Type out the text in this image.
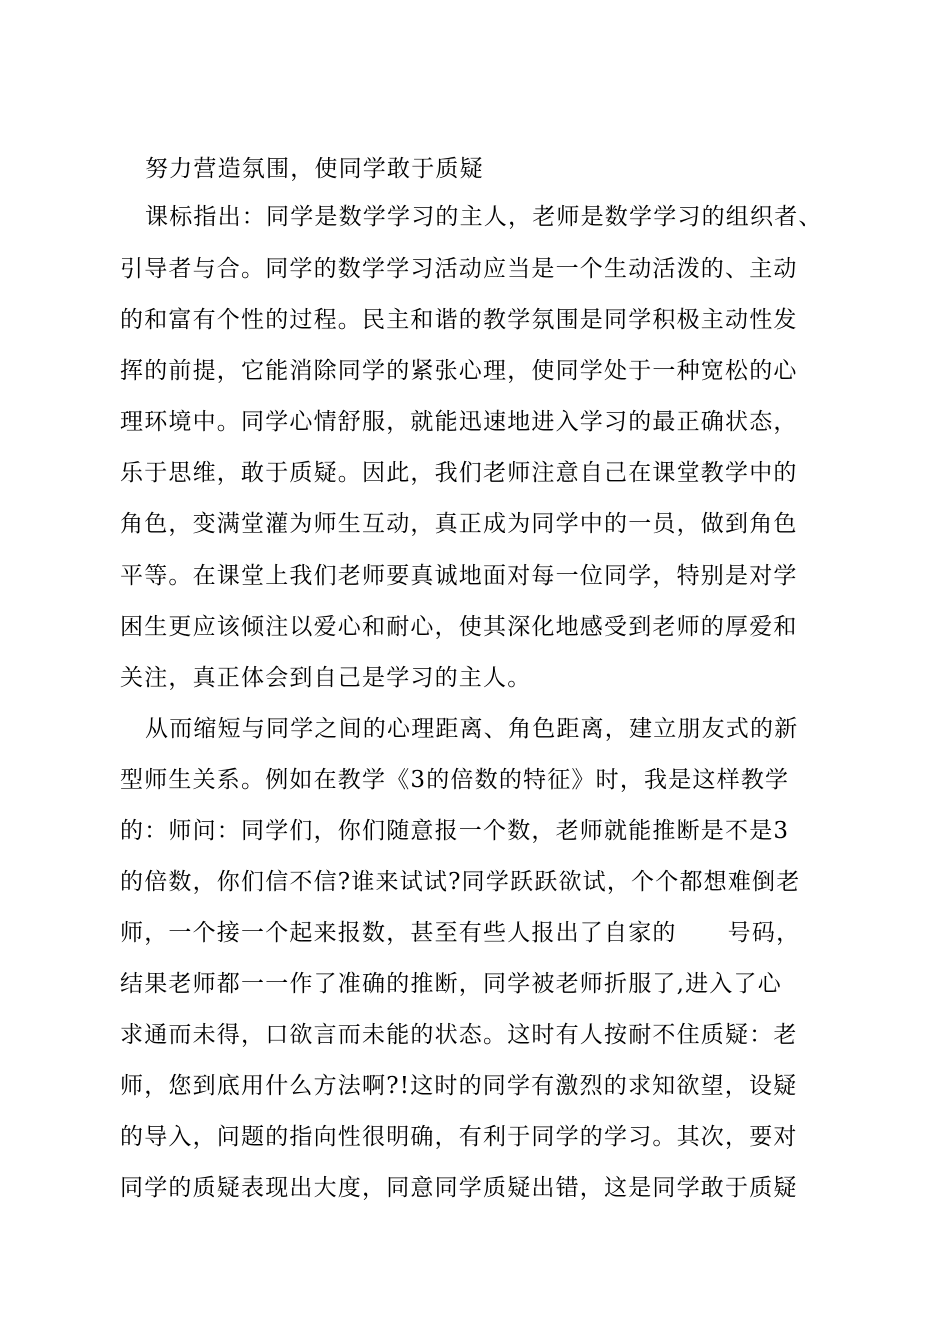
努力营造氛围，使同学敢于质疑
课标指出：同学是数学学习的主人，老师是数学学习的组织者、
引导者与合。同学的数学学习活动应当是一个生动活泼的、主动
的和富有个性的过程。民主和谐的教学氛围是同学积极主动性发
挥的前提，它能消除同学的紧张心理，使同学处于一种宽松的心
理环境中。同学心情舒服，就能迅速地进入学习的最正确状态，
乐于思维，敢于质疑。因此，我们老师注意自己在课堂教学中的
角色，变满堂灌为师生互动，真正成为同学中的一员，做到角色
平等。在课堂上我们老师要真诚地面对每一位同学，特别是对学
困生更应该倾注以爱心和耐心，使其深化地感受到老师的厚爱和
关注，真正体会到自己是学习的主人。
从而缩短与同学之间的心理距离、角色距离，建立朋友式的新
型师生关系。例如在教学《3的倍数的特征》时，我是这样教学
的：师问：同学们，你们随意报一个数，老师就能推断是不是3
的倍数，你们信不信?谁来试试?同学跃跃欲试，个个都想难倒老
师，一个接一个起来报数，甚至有些人报出了自家的      号码，
结果老师都一一作了准确的推断，同学被老师折服了,进入了心
求通而未得，口欲言而未能的状态。这时有人按耐不住质疑：老
师，您到底用什么方法啊?!这时的同学有激烈的求知欲望，设疑
的导入，问题的指向性很明确，有利于同学的学习。其次，要对
同学的质疑表现出大度，同意同学质疑出错，这是同学敢于质疑
